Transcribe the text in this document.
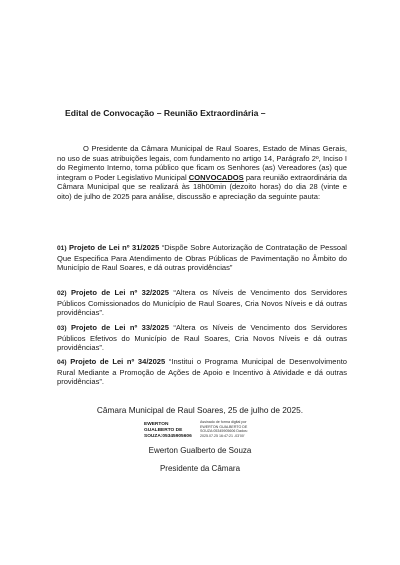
Edital de Convocação – Reunião Extraordinária –

O Presidente da Câmara Municipal de Raul Soares, Estado de Minas Gerais, no uso de suas atribuições legais, com fundamento no artigo 14, Parágrafo 2º, Inciso I do Regimento Interno, torna público que ficam os Senhores (as) Vereadores (as) que integram o Poder Legislativo Municipal CONVOCADOS para reunião extraordinária da Câmara Municipal que se realizará às 18h00min (dezoito horas) do dia 28 (vinte e oito) de julho de 2025 para análise, discussão e apreciação da seguinte pauta:

01) Projeto de Lei nº 31/2025 “Dispõe Sobre Autorização de Contratação de Pessoal Que Especifica Para Atendimento de Obras Públicas de Pavimentação no Âmbito do Município de Raul Soares, e dá outras providências”

02) Projeto de Lei nº 32/2025 “Altera os Níveis de Vencimento dos Servidores Públicos Comissionados do Município de Raul Soares, Cria Novos Níveis e dá outras providências”.

03) Projeto de Lei nº 33/2025 “Altera os Níveis de Vencimento dos Servidores Públicos Efetivos do Município de Raul Soares, Cria Novos Níveis e dá outras providências”.

04) Projeto de Lei nº 34/2025 “Institui o Programa Municipal de Desenvolvimento Rural Mediante a Promoção de Ações de Apoio e Incentivo à Atividade e dá outras providências”.

Câmara Municipal de Raul Soares, 25 de julho de 2025.
EWERTON
GUALBERTO DE
SOUZA:05345905606
Assinado de forma digital por EWERTON GUALBERTO DE SOUZA:05345905606 Dados: 2025.07.25 16:47:21 -03'00'
Ewerton Gualberto de Souza
Presidente da Câmara
